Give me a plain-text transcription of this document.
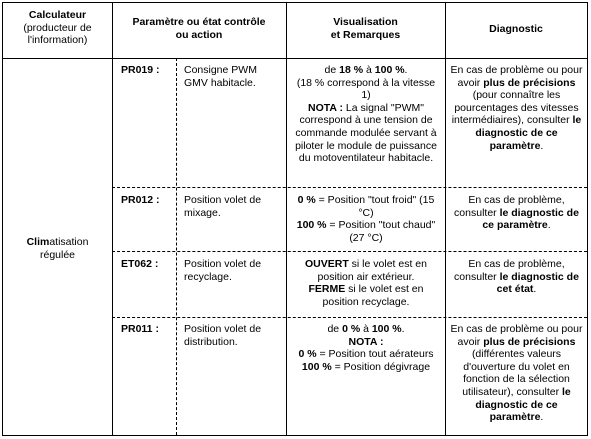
Calculateur
(producteur de l'information)
Paramètre ou état contrôle ou action
Visualisation
et Remarques	Diagnostic
Climatisation
régulée
PR019 : Consigne PWM GMV habitacle.
de 18 % à 100 %.
(18 % correspond à la vitesse 1)
NOTA : La signal "PWM" correspond à une tension de commande modulée servant à piloter le module de puissance du motoventilateur habitacle.
En cas de problème ou pour avoir plus de précisions (pour connaître les pourcentages des vitesses intermédiaires), consulter le diagnostic de ce paramètre.
PR012 : Position volet de mixage.
0 % = Position "tout froid" (15 °C)
100 % = Position "tout chaud" (27 °C)
En cas de problème, consulter le diagnostic de ce paramètre.
ET062 : Position volet de recyclage.
OUVERT si le volet est en position air extérieur.
FERME si le volet est en position recyclage.
En cas de problème, consulter le diagnostic de cet état.
PR011 : Position volet de distribution.
de 0 % à 100 %.
NOTA :
0 % = Position tout aérateurs
100 % = Position dégivrage
En cas de problème ou pour avoir plus de précisions (différentes valeurs d'ouverture du volet en fonction de la sélection utilisateur), consulter le diagnostic de ce paramètre.
